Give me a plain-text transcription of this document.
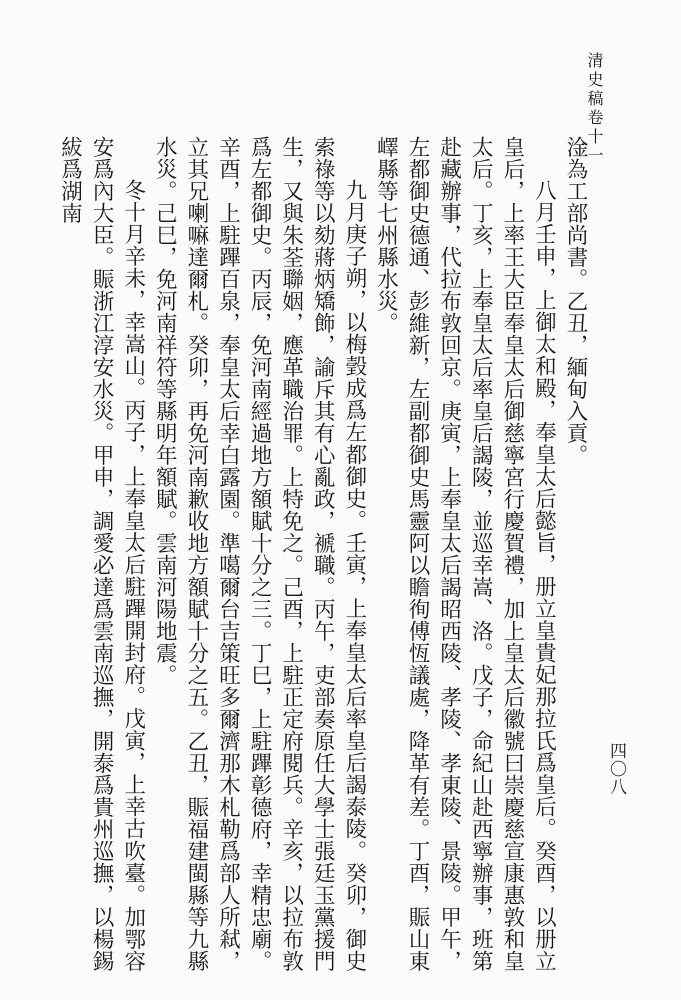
清史稿卷十一

淦為工部尚書。乙丑，緬甸入貢。

八月壬申，上御太和殿，奉皇太后懿旨，册立皇貴妃那拉氏爲皇后。癸酉，以册立皇后，上率王大臣奉皇太后御慈寧宮行慶賀禮，加上皇太后徽號曰崇慶慈宣康惠敦和皇太后。丁亥，上奉皇太后率皇后謁陵，並巡幸嵩、洛。戊子，命紀山赴西寧辦事，班第赴藏辦事，代拉布敦回京。庚寅，上奉皇太后謁昭西陵、孝陵、孝東陵、景陵。甲午，左都御史德通、彭維新，左副都御史馬靈阿以瞻徇傅恆議處，降革有差。丁酉，賑山東嶧縣等七州縣水災。

九月庚子朔，以梅瑴成爲左都御史。壬寅，上奉皇太后率皇后謁泰陵。癸卯，御史索祿等以劾蔣炳矯飾，諭斥其有心亂政，褫職。丙午，吏部奏原任大學士張廷玉黨援門生，又與朱荃聯姻，應革職治罪。上特免之。己酉，上駐正定府閱兵。辛亥，以拉布敦爲左都御史。丙辰，免河南經過地方額賦十分之三。丁巳，上駐蹕彰德府，幸精忠廟。辛酉，上駐蹕百泉，奉皇太后幸白露園。準噶爾台吉策旺多爾濟那木札勒爲部人所弒，立其兄喇嘛達爾札。癸卯，再免河南歉收地方額賦十分之五。乙丑，賑福建閩縣等九縣水災。己巳，免河南祥符等縣明年額賦。雲南河陽地震。

冬十月辛未，幸嵩山。丙子，上奉皇太后駐蹕開封府。戊寅，上幸古吹臺。加鄂容安爲內大臣。賑浙江淳安水災。甲申，調愛必達爲雲南巡撫，開泰爲貴州巡撫，以楊錫紱爲湖南

四〇八
